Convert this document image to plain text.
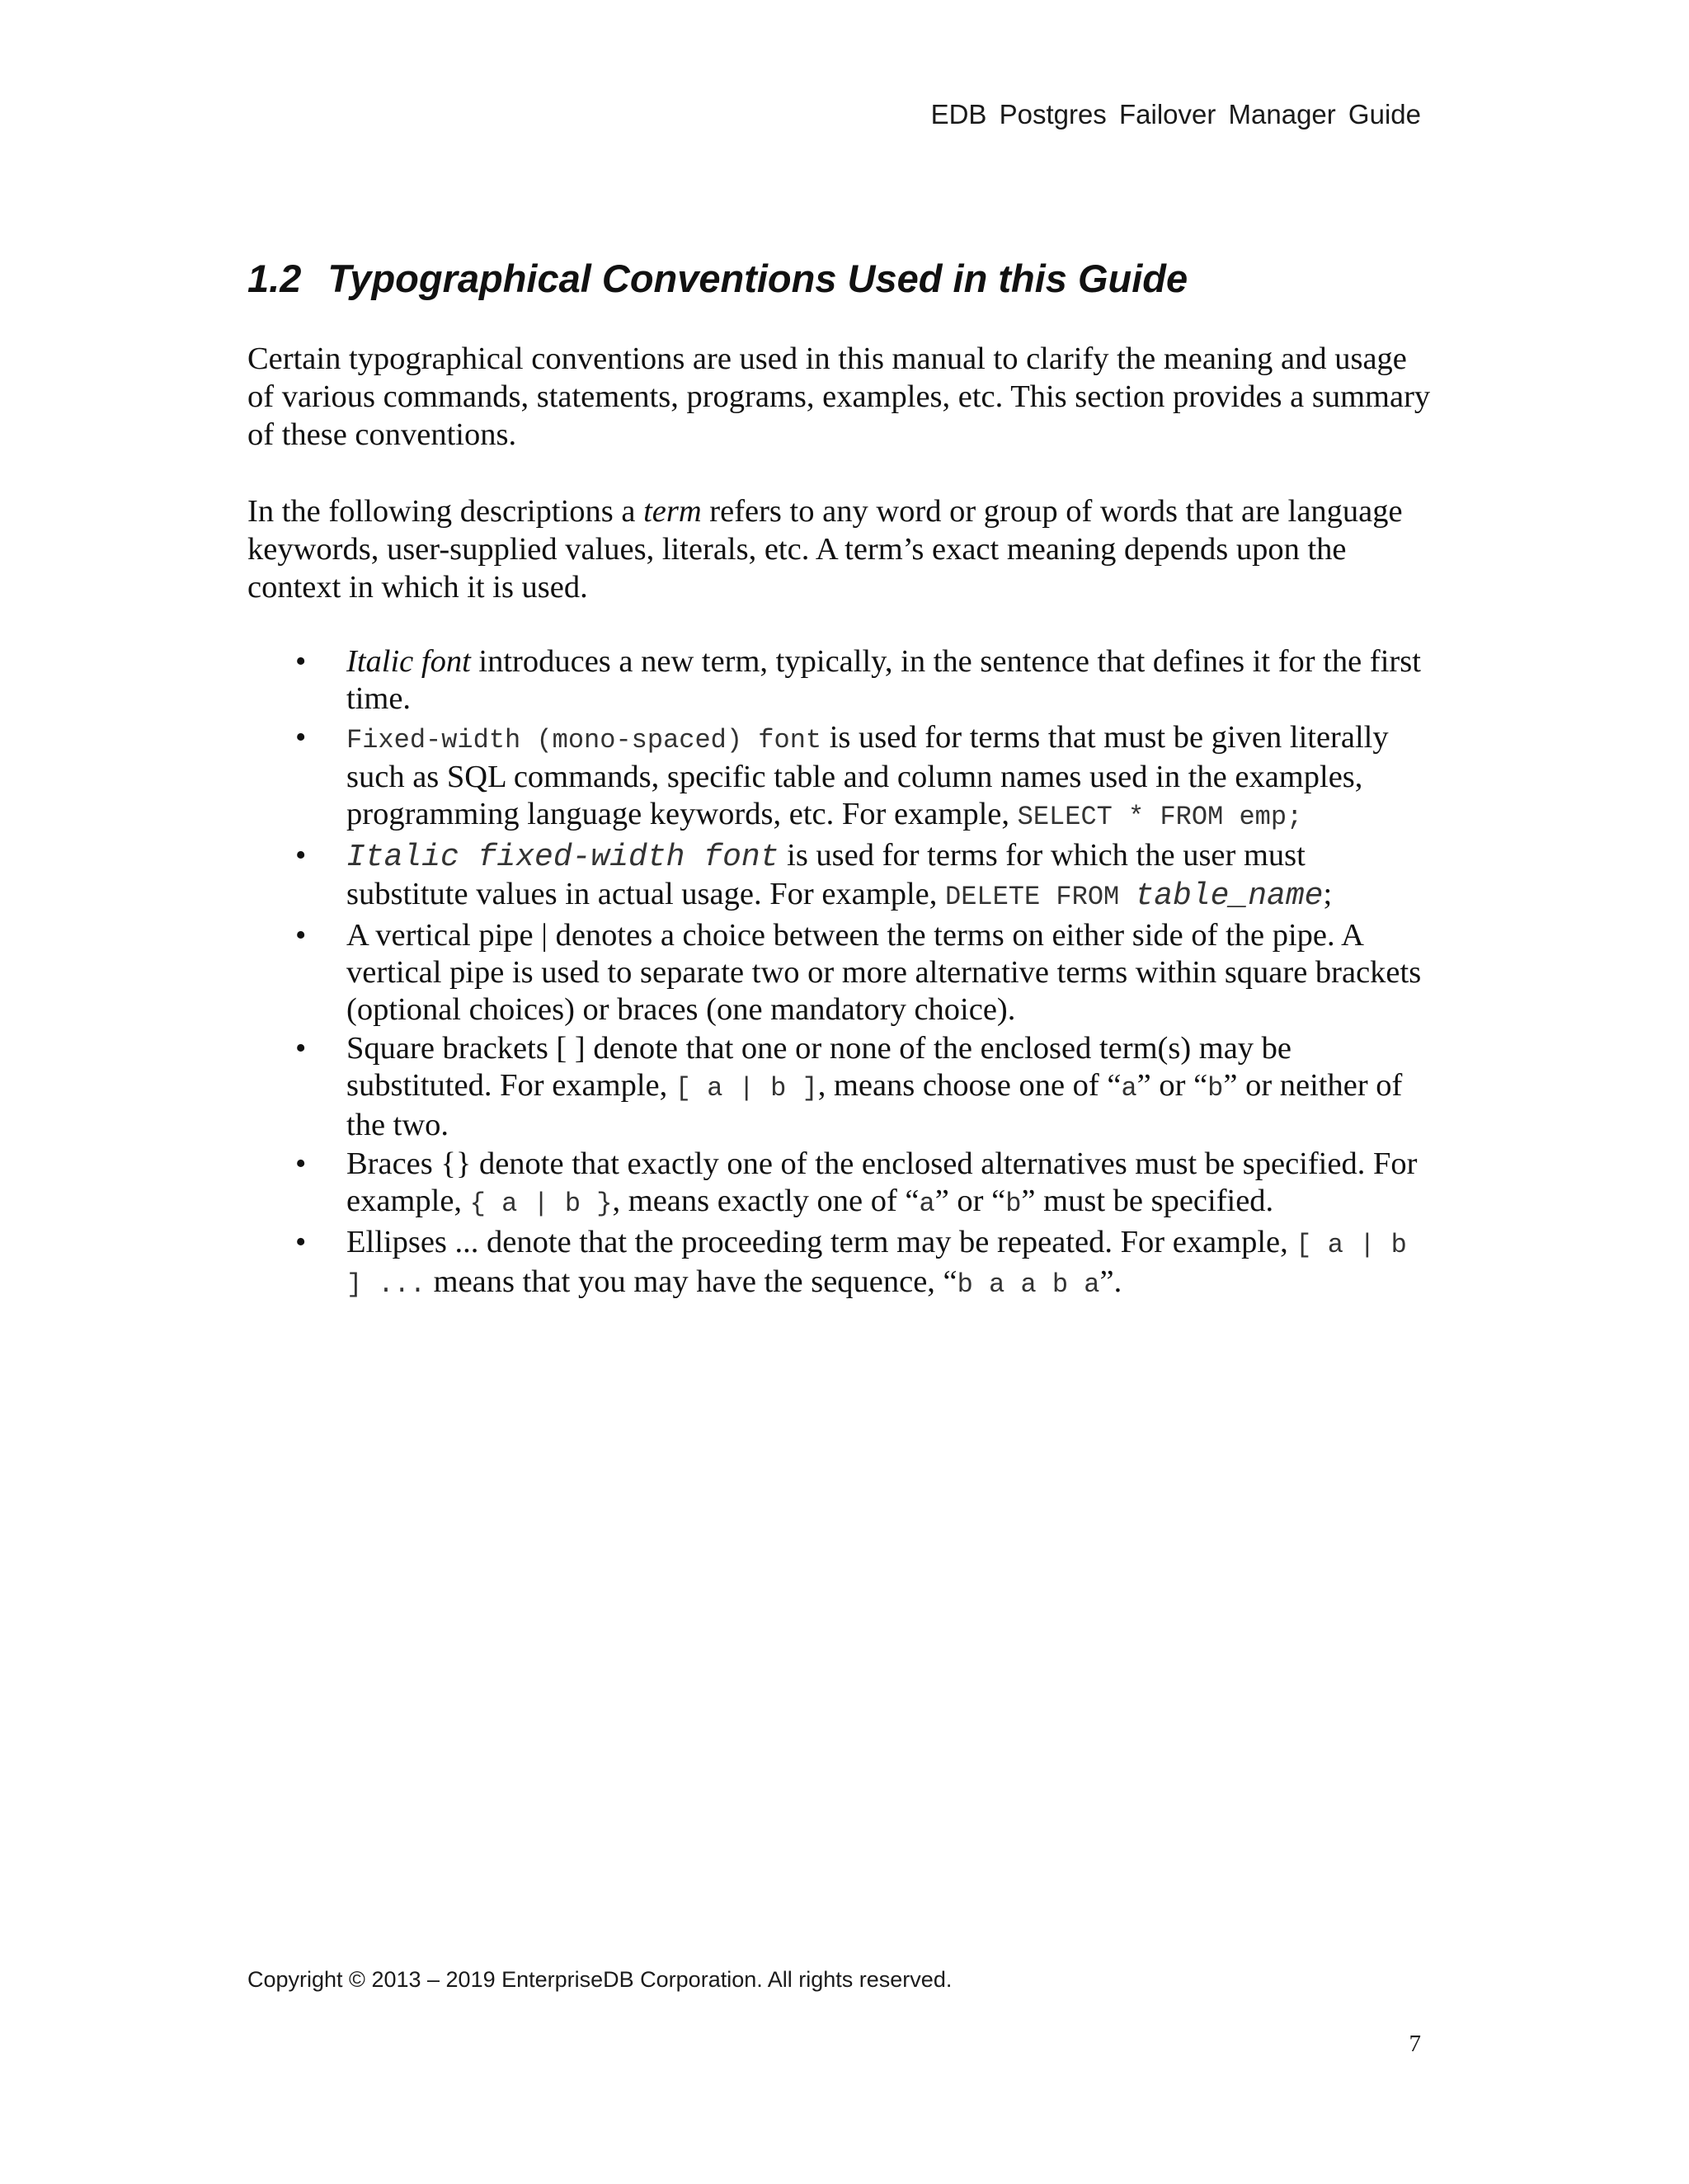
EDB Postgres Failover Manager Guide
1.2 Typographical Conventions Used in this Guide

Certain typographical conventions are used in this manual to clarify the meaning and usage of various commands, statements, programs, examples, etc. This section provides a summary of these conventions.

In the following descriptions a term refers to any word or group of words that are language keywords, user-supplied values, literals, etc. A term’s exact meaning depends upon the context in which it is used.

• Italic font introduces a new term, typically, in the sentence that defines it for the first time.
• Fixed-width (mono-spaced) font is used for terms that must be given literally such as SQL commands, specific table and column names used in the examples, programming language keywords, etc. For example, SELECT * FROM emp;
• Italic fixed-width font is used for terms for which the user must substitute values in actual usage. For example, DELETE FROM table_name;
• A vertical pipe | denotes a choice between the terms on either side of the pipe. A vertical pipe is used to separate two or more alternative terms within square brackets (optional choices) or braces (one mandatory choice).
• Square brackets [ ] denote that one or none of the enclosed term(s) may be substituted. For example, [ a | b ], means choose one of “a” or “b” or neither of the two.
• Braces {} denote that exactly one of the enclosed alternatives must be specified. For example, { a | b }, means exactly one of “a” or “b” must be specified.
• Ellipses ... denote that the proceeding term may be repeated. For example, [ a | b ] ... means that you may have the sequence, “b a a b a”.
Copyright © 2013 – 2019 EnterpriseDB Corporation. All rights reserved.
7
